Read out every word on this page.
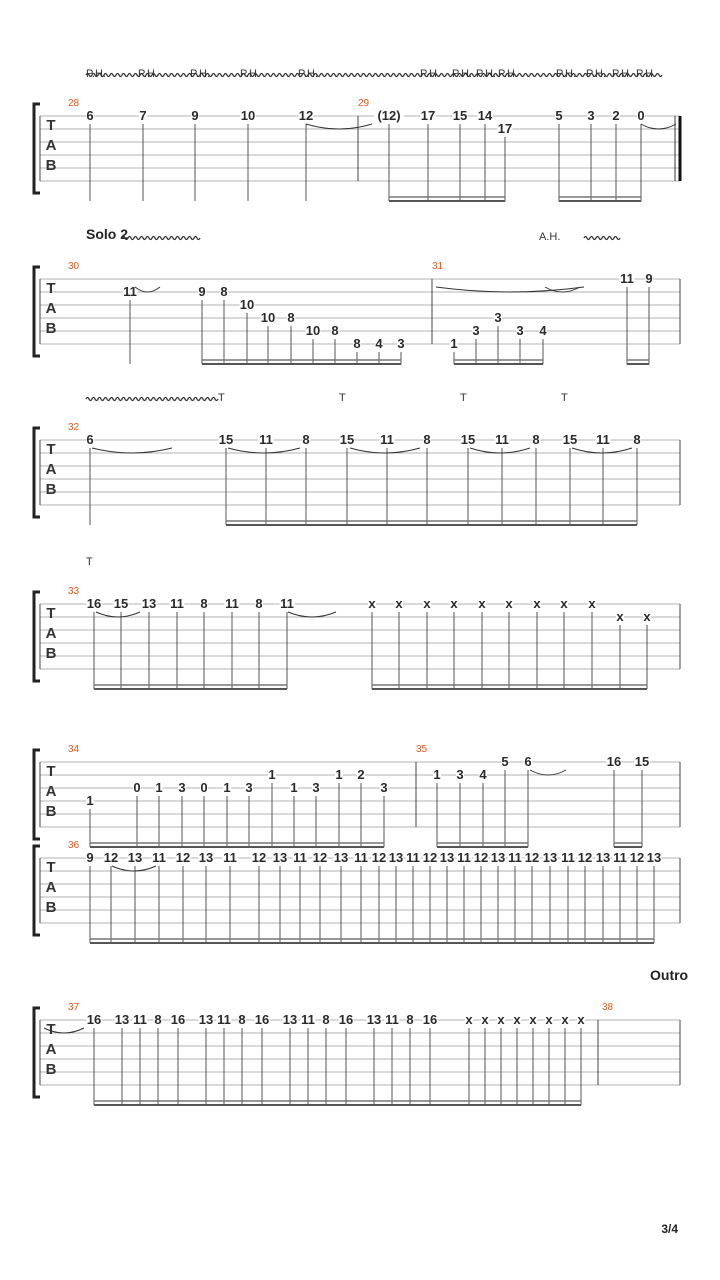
T
A
B
28	29
P.H.	P.H.	P.H.	P.H.	P.H.	P.H. P.H. P.H. P.H.	P.H. P.H. P.H. P.H.
6	7	9	10	12	(12) 17 15 14
17
5 3 2 0
T
A
B
30	31
Solo 2	A.H.
11	9 8
10
10 8
10 8
8 4 3	1
3
3
3 4
11 9
T
A
B
32
T	T	T	T
6	15 11 8 15 11 8 15 11 8 15 11 8
T
A
B
33
T
16 15 13 11 8 11 8 11	x x x x x x x x x
x x
T
A
B
34	35
1
0 1 3 0 1 3
1
1 3
1 2
3
1 3 4
5 6	16 15
T
A
B
36
9 12 13 11 12 13 11 12 13 11 12 13 11 12 13 11 12 13 11 12 13 11 12 13 11 12 13 11 12 13
T
A
B
37	38
Outro
16 13 11 8 16 13 11 8 16 13 11 8 16 13 11 8 16 x x x x x x x x
3/4
